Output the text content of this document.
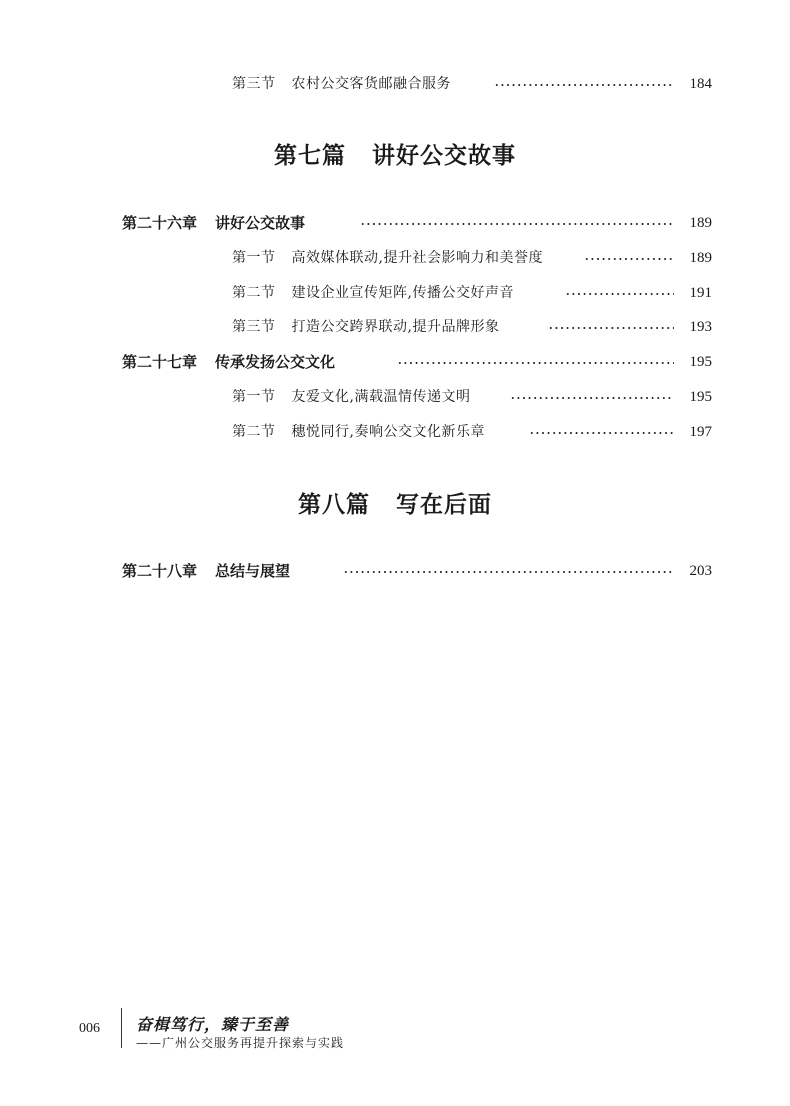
第三节 农村公交客货邮融合服务	184
第七篇 讲好公交故事
第二十六章 讲好公交故事	189
第一节 高效媒体联动,提升社会影响力和美誉度	189
第二节 建设企业宣传矩阵,传播公交好声音	191
第三节 打造公交跨界联动,提升品牌形象	193
第二十七章 传承发扬公交文化	195
第一节 友爱文化,满载温情传递文明	195
第二节 穗悦同行,奏响公交文化新乐章	197
第八篇 写在后面
第二十八章 总结与展望	203
006 奋楫笃行，臻于至善
——广州公交服务再提升探索与实践
